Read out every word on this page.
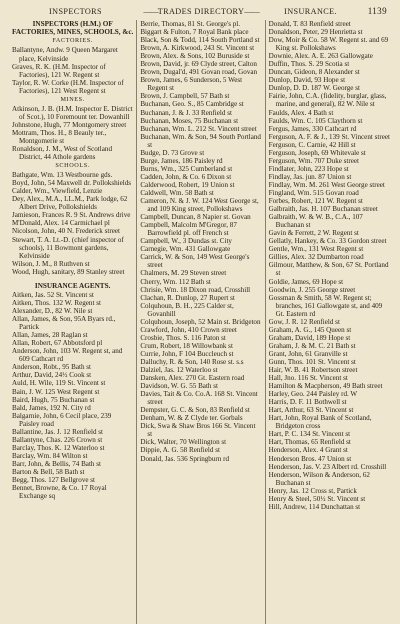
INSPECTORS	——TRADES DIRECTORY——	INSURANCE.	1139
INSPECTORS (H.M.) OF FACTORIES, MINES, SCHOOLS, &c.
FACTORIES.

Ballantyne, Andw. 9 Queen Margaret place, Kelvinside

Graves, R. K. (H.M. Inspector of Factories), 121 W. Regent st

Taylor, R. W. Corke (H.M. Inspector of Factories), 121 West Regent st

MINES.

Atkinson, J. B. (H.M. Inspector E. District of Scot.), 10 Foremount ter. Dowanhill

Johnstone, Hugh, 77 Montgomery street

Mottram, Thos. H., 8 Beauly ter., Montgomerie st

Ronaldson, J. M., West of Scotland District, 44 Athole gardens

SCHOOLS.

Bathgate, Wm. 13 Westbourne gds.

Boyd, John, 54 Maxwell dr. Pollokshields

Calder, Wm., Viewfield, Lenzie

Dey, Alex., M.A., LL.M., Park lodge, 62 Albert Drive, Pollokshields

Jamieson, Frances R. 9 St. Andrews drive

M'Donald, Alex. 14 Carmichael pl

Nicolson, John, 40 N. Frederick street

Stewart, T. A. Lt.-D. (chief inspector of schools), 11 Bowmont gardens, Kelvinside

Wilson, J. M., 8 Ruthven st

Wood, Hugh, sanitary, 89 Stanley street

INSURANCE AGENTS.

Aitken, Jas. 52 St. Vincent st

Aitken, Thos. 132 W. Regent st

Alexander, D., 82 W. Nile st

Allan, James, & Son, 95A Byars rd., Partick

Allan, James, 28 Raglan st

Allan, Robert, 67 Abbotsford pl

Anderson, John, 103 W. Regent st, and 609 Cathcart rd

Anderson, Robt., 95 Bath st

Arthur, David, 24½ Cook st

Auld, H. Wile, 119 St. Vincent st

Bain, J. W. 125 West Regent st

Baird, Hugh, 75 Buchanan st

Bald, James, 192 N. City rd

Balgarnie, John, 6 Cecil place, 239 Paisley road

Ballantine, Jas. J. 12 Renfield st

Ballantyne, Chas. 226 Crown st

Barclay, Thos. K. 12 Waterloo st

Barclay, Wm. 84 Wilton st

Barr, John, & Bellis, 74 Bath st

Barton & Bell, 58 Bath st

Begg, Thos. 127 Bellgrove st

Bennet, Browne, & Co. 17 Royal Exchange sq

Berrie, Thomas, 81 St. George's pl.

Biggart & Fulton, 7 Royal Bank place

Black, Son & Todd, 114 South Portland st

Brown, A. Kirkwood, 243 St. Vincent st

Brown, Alex. & Sons, 102 Buruside st

Brown, David, jr. 69 Clyde street, Calton

Brown, Dugal'd, 491 Govan road, Govan

Brown, James, 6 Sunderson, 5 West Regent st

Brown, J. Campbell, 57 Bath st

Buchanan, Geo. S., 85 Cambridge st

Buchanan, J. & J. 33 Renfield st

Buchanan, Moses, 75 Buchanan st

Buchanan, Wm. L. 212 St. Vincent street

Buchanan, Wm. & Son, 94 South Portland st

Budge, D. 73 Grove st

Burge, James, 186 Paisley rd

Burns, Wm., 325 Cumberland st

Cadden, John, & Co. 6 Dixon st

Calderwood, Robert, 19 Union st

Caldwell, Wm. 58 Bath st

Cameron, N. & J. W. 124 West George st, and 109 King street, Pollokshaws

Campbell, Duncan, 8 Napier st. Govan

Campbell, Malcolm M'Gregor, 87 Barrowfield pl. off French st

Campbell, W., 3 Dundas st. City

Carnegie, Wm. 431 Gallowgate

Carrick, W. & Son, 149 West George's street

Chalmers, M. 29 Steven street

Cherry, Wm. 112 Bath st

Chrisie, Wm. 18 Dixon road, Crosshill

Clachan, R. Dunlop, 27 Rupert st

Colquhoun, B. H., 225 Calder st, Govanhill

Colquhoun, Joseph, 52 Main st. Bridgeton

Crawford, John, 410 Crown street

Crosbie, Thos. S. 116 Paton st

Crum, Robert, 18 Willowbank st

Currie, John, F 104 Buccleuch st

Dalluchy, R. & Son, 140 Rose st. s.s

Dalziel, Jas. 12 Waterloo st

Dansken, Alex. 270 Gt. Eastern road

Davidson, W. G. 55 Bath st

Davies, Tait & Co. Co.A. 168 St. Vincent street

Dempster, G. C. & Son, 83 Renfield st

Denham, W. & Z Clyde ter. Gorbals

Dick, Swa & Shaw Bros 166 St. Vincent st

Dick, Walter, 70 Wellington st

Dippie, A. G. 58 Renfield st

Donald, Jas. 536 Springburn rd

Donald, T. 83 Renfield street

Donaldson, Peter, 29 Henrietta st

Dow, Moir & Co. 58 W. Regent st. and 69 King st. Pollokshaws

Downie, Alex. A. E. 263 Gallowgate

Duffin, Thos. S. 29 Scotia st

Duncan, Gideon, 8 Alexander st

Dunlop, David, 93 Hope st

Dunlop, D. D. 187 W. George st

Fairie, John, C.A. (fidelity, burglar, glass, marine, and general), 82 W. Nile st

Faulds, Alex. 4 Bath st

Faulds, Wm. C. 105 Claythorn st

Fergus, James, 330 Cathcart rd

Ferguson, A. F. & J., 139 St. Vincent street

Ferguson, C. Carnie, 42 Hill st

Ferguson, Joseph, 69 Whitevale st

Ferguson, Wm. 707 Duke street

Findlater, John, 223 Hope st

Findlay, Jas. jun. 87 Union st

Findlay, Wm. M. 261 West George street

Fingland, Wm. 515 Govan road

Forbes, Robert, 121 W. Regent st

Galbraith, Jas. H. 107 Buchanan street

Galbraith, W. & W. B., C.A., 107 Buchanan st

Gavin & Ferrett, 2 W. Regent st

Gellatly, Hankey, & Co. 33 Gordon street

Gentle, Wm., 131 West Regent st

Gillies, Alex. 32 Dumbarton road

Gilmour, Matthew, & Son, 67 St. Portland st

Goldie, James, 69 Hope st

Goodwin, J. 255 George street

Gossman & Smith, 58 W. Regent st; branches, 161 Gallowgate st, and 409 Gt. Eastern rd

Gow, J. R. 12 Renfield st

Graham, A. G., 145 Queen st

Graham, David, 189 Hope st

Graham, J. & M. C. 21 Bath st

Grant, John, 61 Granville st

Gunn, Thos. 101 St. Vincent st

Hair, W. B. 41 Robertson street

Hall, Jno. 116 St. Vincent st

Hamilton & Macpherson, 49 Bath street

Harley, Geo. 244 Paisley rd. W

Harris, D. F. 11 Bothwell st

Hart, Arthur, 63 St. Vincent st

Hart, John, Royal Bank of Scotland, Bridgeton cross

Hart, P. C. 134 St. Vincent st

Hart, Thomas, 65 Renfield st

Henderson, Alex. 4 Grant st

Henderson Bros. 47 Union st

Henderson, Jas. V. 23 Albert rd. Crosshill

Henderson, Wilson & Anderson, 62 Buchanan st

Henry, Jas. 12 Cross st, Partick

Henry & Steel, 50½ St. Vincent st

Hill, Andrew, 114 Dunchattan st
